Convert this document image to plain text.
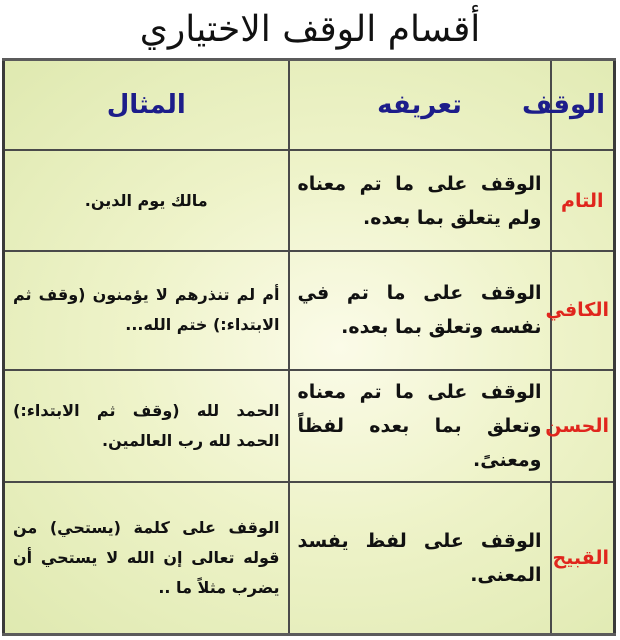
أقسام الوقف الاختياري
الوقف	تعريفه	المثال
التام	الوقف على ما تم معناه ولم يتعلق بما بعده.	مالك يوم الدين.
الكافي	الوقف على ما تم في نفسه وتعلق بما بعده.	أم لم تنذرهم لا يؤمنون (وقف ثم الابتداء:) ختم الله...
الحسن	الوقف على ما تم معناه وتعلق بما بعده لفظاً ومعنىً.	الحمد لله (وقف ثم الابتداء:) الحمد لله رب العالمين.
القبيح	الوقف على لفظ يفسد المعنى.	الوقف على كلمة (يستحي) من قوله تعالى إن الله لا يستحي أن يضرب مثلاً ما ..
